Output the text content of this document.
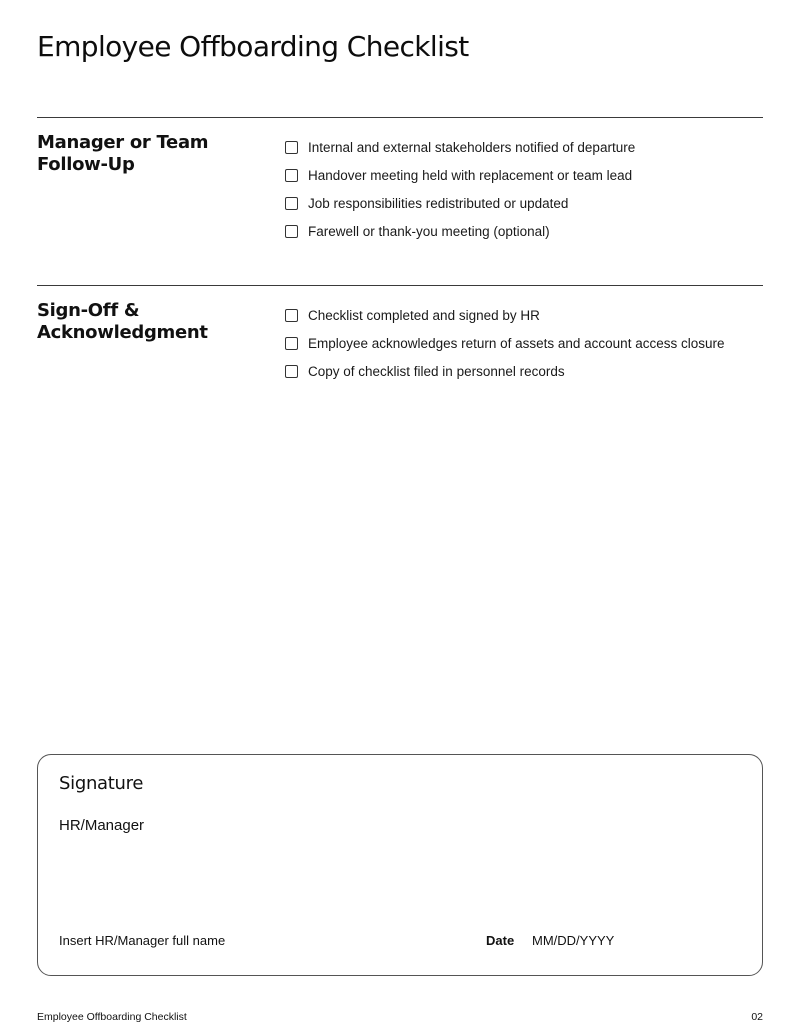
Employee Offboarding Checklist
Manager or Team Follow-Up
Internal and external stakeholders notified of departure
Handover meeting held with replacement or team lead
Job responsibilities redistributed or updated
Farewell or thank-you meeting (optional)
Sign-Off & Acknowledgment
Checklist completed and signed by HR
Employee acknowledges return of assets and account access closure
Copy of checklist filed in personnel records
Signature
HR/Manager
Insert HR/Manager full name	Date MM/DD/YYYY
Employee Offboarding Checklist	02
